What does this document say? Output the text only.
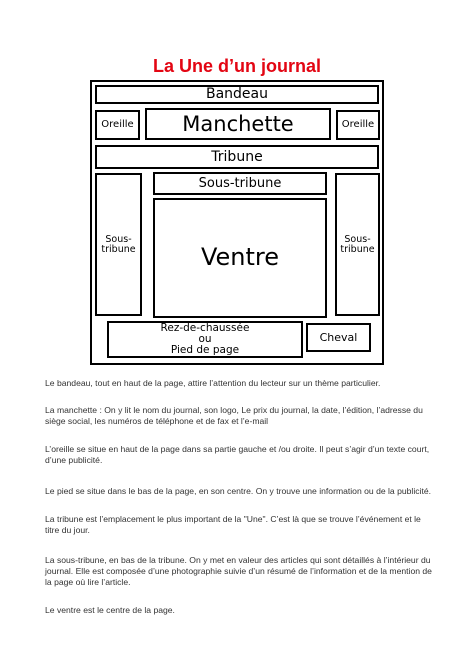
La Une d’un journal
Bandeau
Oreille	Manchette	Oreille
Tribune
Sous-tribune
Sous-
tribune	Ventre
Sous-
tribune
Rez-de-chaussée
ou
Pied de page
Cheval
Le bandeau, tout en haut de la page, attire l’attention du lecteur sur un thème particulier.
La manchette : On y lit le nom du journal, son logo, Le prix du journal, la date, l’édition, l’adresse du siège social, les numéros de téléphone et de fax et l’e-mail
L’oreille se situe en haut de la page dans sa partie gauche et /ou droite. Il peut s’agir d’un texte court, d’une publicité.
Le pied se situe dans le bas de la page, en son centre. On y trouve une information ou de la publicité.
La tribune est l’emplacement le plus important de la "Une". C’est là que se trouve l’événement et le titre du jour.
La sous-tribune, en bas de la tribune. On y met en valeur des articles qui sont détaillés à l’intérieur du journal. Elle est composée d’une photographie suivie d’un résumé de l’information et de la mention de la page où lire l’article.
Le ventre est le centre de la page.
